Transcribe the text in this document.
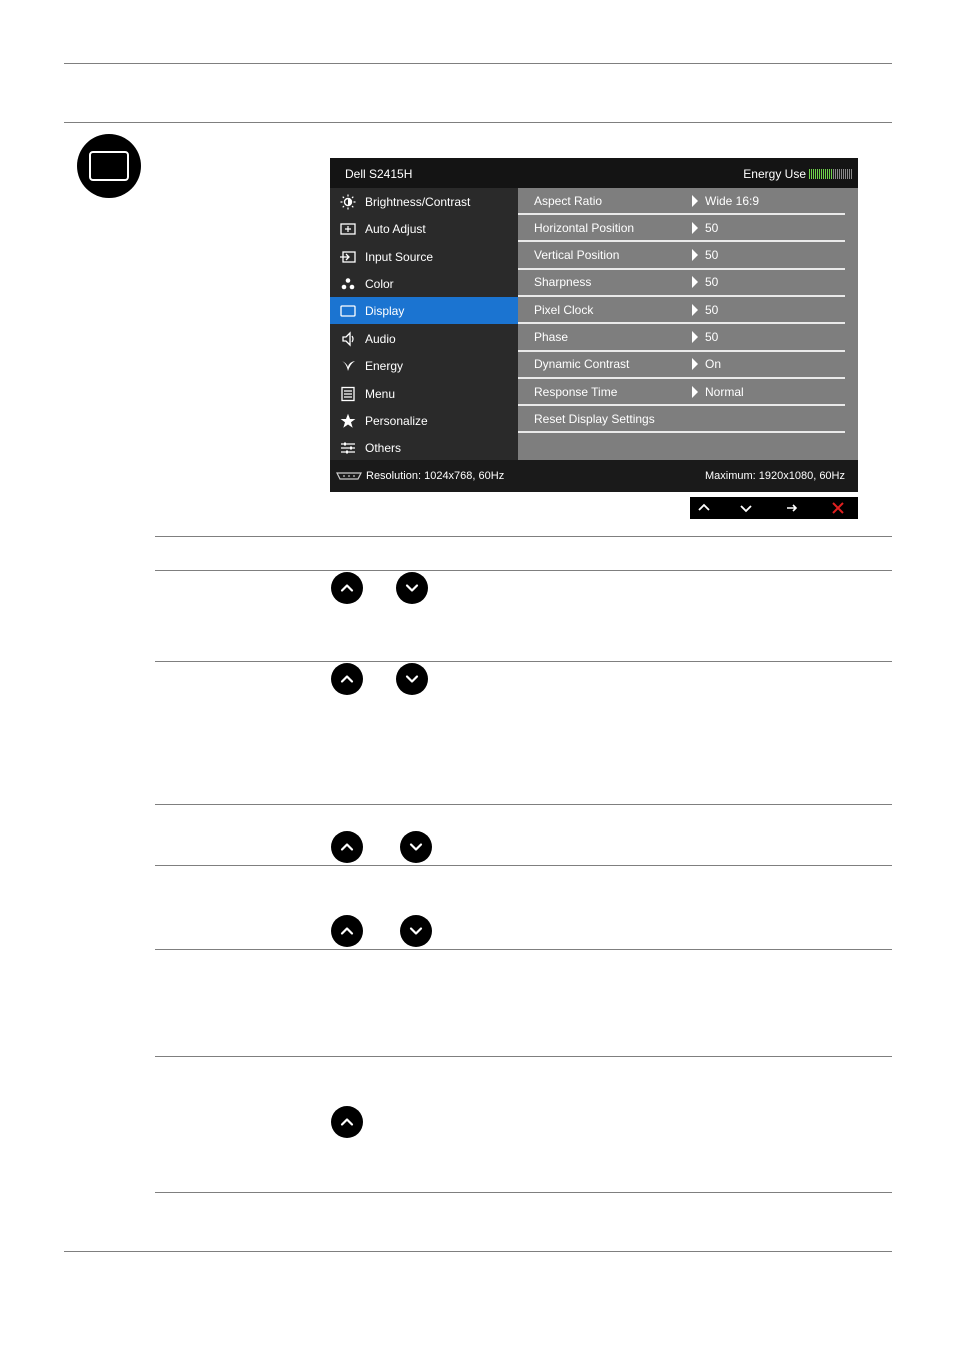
Dell S2415H	Energy Use
Brightness/Contrast
Auto Adjust
Input Source
Color
Display
Audio
Energy
Menu
Personalize
Others
Aspect Ratio	Wide 16:9
Horizontal Position	50
Vertical Position	50
Sharpness	50
Pixel Clock	50
Phase	50
Dynamic Contrast	On
Response Time	Normal
Reset Display Settings
Resolution: 1024x768, 60Hz	Maximum: 1920x1080, 60Hz
